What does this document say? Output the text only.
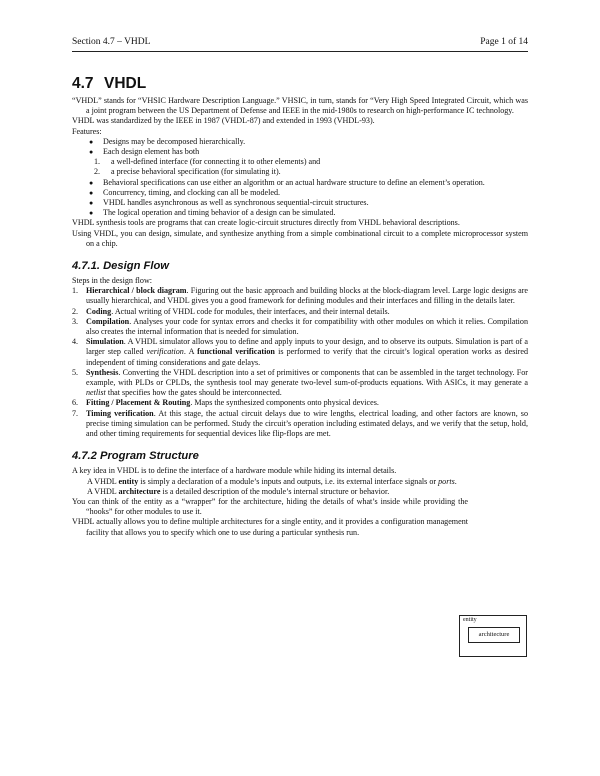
Section 4.7 – VHDL	Page 1 of 14
4.7 VHDL

“VHDL” stands for “VHSIC Hardware Description Language.” VHSIC, in turn, stands for “Very High Speed Integrated Circuit, which was a joint program between the US Department of Defense and IEEE in the mid-1980s to research on high-performance IC technology.

VHDL was standardized by the IEEE in 1987 (VHDL-87) and extended in 1993 (VHDL-93).

Features:

● Designs may be decomposed hierarchically.
● Each design element has both
1. a well-defined interface (for connecting it to other elements) and
2. a precise behavioral specification (for simulating it).
● Behavioral specifications can use either an algorithm or an actual hardware structure to define an element’s operation.
● Concurrency, timing, and clocking can all be modeled.
● VHDL handles asynchronous as well as synchronous sequential-circuit structures.
● The logical operation and timing behavior of a design can be simulated.

VHDL synthesis tools are programs that can create logic-circuit structures directly from VHDL behavioral descriptions.

Using VHDL, you can design, simulate, and synthesize anything from a simple combinational circuit to a complete microprocessor system on a chip.

4.7.1. Design Flow

Steps in the design flow:

1. Hierarchical / block diagram. Figuring out the basic approach and building blocks at the block-diagram level. Large logic designs are usually hierarchical, and VHDL gives you a good framework for defining modules and their interfaces and filling in the details later.
2. Coding. Actual writing of VHDL code for modules, their interfaces, and their internal details.
3. Compilation. Analyses your code for syntax errors and checks it for compatibility with other modules on which it relies. Compilation also creates the internal information that is needed for simulation.
4. Simulation. A VHDL simulator allows you to define and apply inputs to your design, and to observe its outputs. Simulation is part of a larger step called verification. A functional verification is performed to verify that the circuit’s logical operation works as desired independent of timing considerations and gate delays.
5. Synthesis. Converting the VHDL description into a set of primitives or components that can be assembled in the target technology. For example, with PLDs or CPLDs, the synthesis tool may generate two-level sum-of-products equations. With ASICs, it may generate a netlist that specifies how the gates should be interconnected.
6. Fitting / Placement & Routing. Maps the synthesized components onto physical devices.
7. Timing verification. At this stage, the actual circuit delays due to wire lengths, electrical loading, and other factors are known, so precise timing simulation can be performed. Study the circuit’s operation including estimated delays, and we verify that the setup, hold, and other timing requirements for sequential devices like flip-flops are met.
4.7.2 Program Structure

A key idea in VHDL is to define the interface of a hardware module while hiding its internal details.

A VHDL entity is simply a declaration of a module’s inputs and outputs, i.e. its external interface signals or ports.

A VHDL architecture is a detailed description of the module’s internal structure or behavior.

You can think of the entity as a “wrapper” for the architecture, hiding the details of what’s inside while providing the “hooks” for other modules to use it.

VHDL actually allows you to define multiple architectures for a single entity, and it provides a configuration management facility that allows you to specify which one to use during a particular synthesis run.

entity
architecture
